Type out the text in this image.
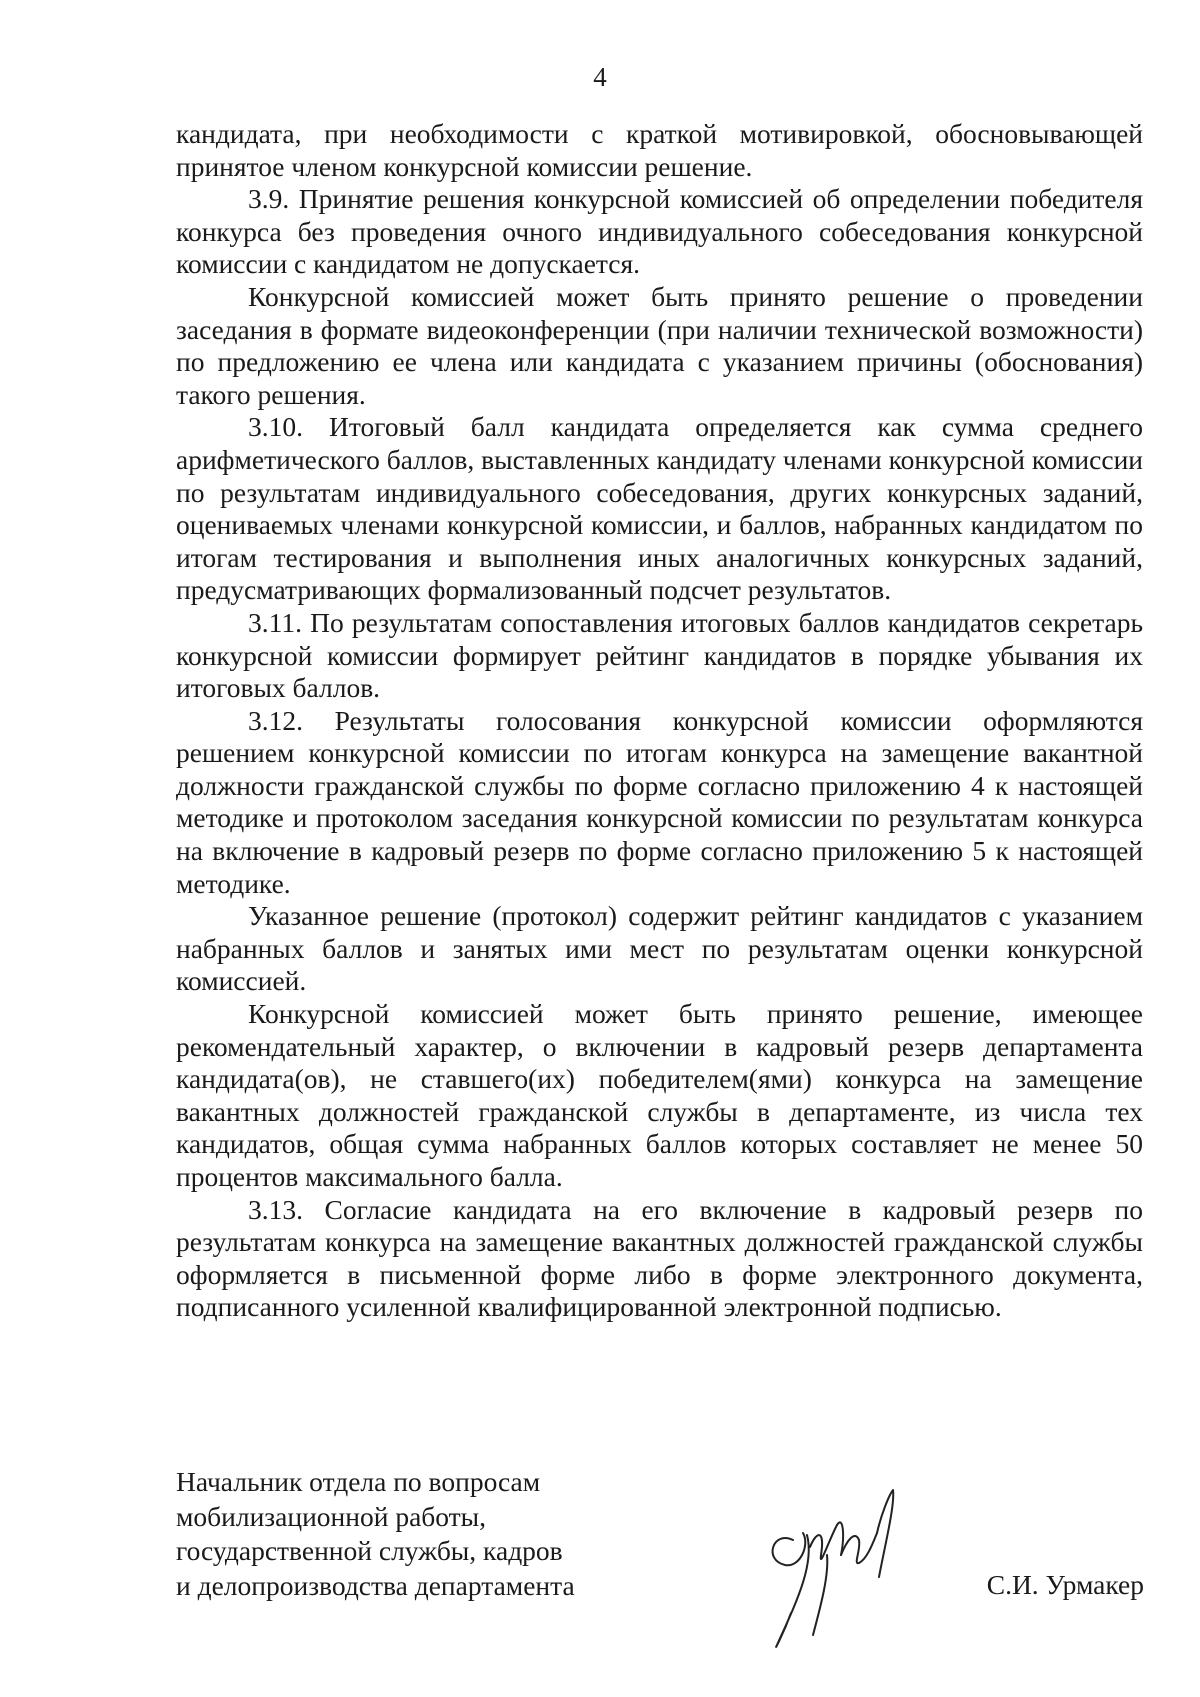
4

кандидата, при необходимости с краткой мотивировкой, обосновывающей принятое членом конкурсной комиссии решение.

3.9. Принятие решения конкурсной комиссией об определении победителя конкурса без проведения очного индивидуального собеседования конкурсной комиссии с кандидатом не допускается.

Конкурсной комиссией может быть принято решение о проведении заседания в формате видеоконференции (при наличии технической возможности) по предложению ее члена или кандидата с указанием причины (обоснования) такого решения.

3.10. Итоговый балл кандидата определяется как сумма среднего арифметического баллов, выставленных кандидату членами конкурсной комиссии по результатам индивидуального собеседования, других конкурсных заданий, оцениваемых членами конкурсной комиссии, и баллов, набранных кандидатом по итогам тестирования и выполнения иных аналогичных конкурсных заданий, предусматривающих формализованный подсчет результатов.

3.11. По результатам сопоставления итоговых баллов кандидатов секретарь конкурсной комиссии формирует рейтинг кандидатов в порядке убывания их итоговых баллов.

3.12. Результаты голосования конкурсной комиссии оформляются решением конкурсной комиссии по итогам конкурса на замещение вакантной должности гражданской службы по форме согласно приложению 4 к настоящей методике и протоколом заседания конкурсной комиссии по результатам конкурса на включение в кадровый резерв по форме согласно приложению 5 к настоящей методике.

Указанное решение (протокол) содержит рейтинг кандидатов с указанием набранных баллов и занятых ими мест по результатам оценки конкурсной комиссией.

Конкурсной комиссией может быть принято решение, имеющее рекомендательный характер, о включении в кадровый резерв департамента кандидата(ов), не ставшего(их) победителем(ями) конкурса на замещение вакантных должностей гражданской службы в департаменте, из числа тех кандидатов, общая сумма набранных баллов которых составляет не менее 50 процентов максимального балла.

3.13. Согласие кандидата на его включение в кадровый резерв по результатам конкурса на замещение вакантных должностей гражданской службы оформляется в письменной форме либо в форме электронного документа, подписанного усиленной квалифицированной электронной подписью.

Начальник отдела по вопросам
мобилизационной работы,
государственной службы, кадров
и делопроизводства департамента	С.И. Урмакер
